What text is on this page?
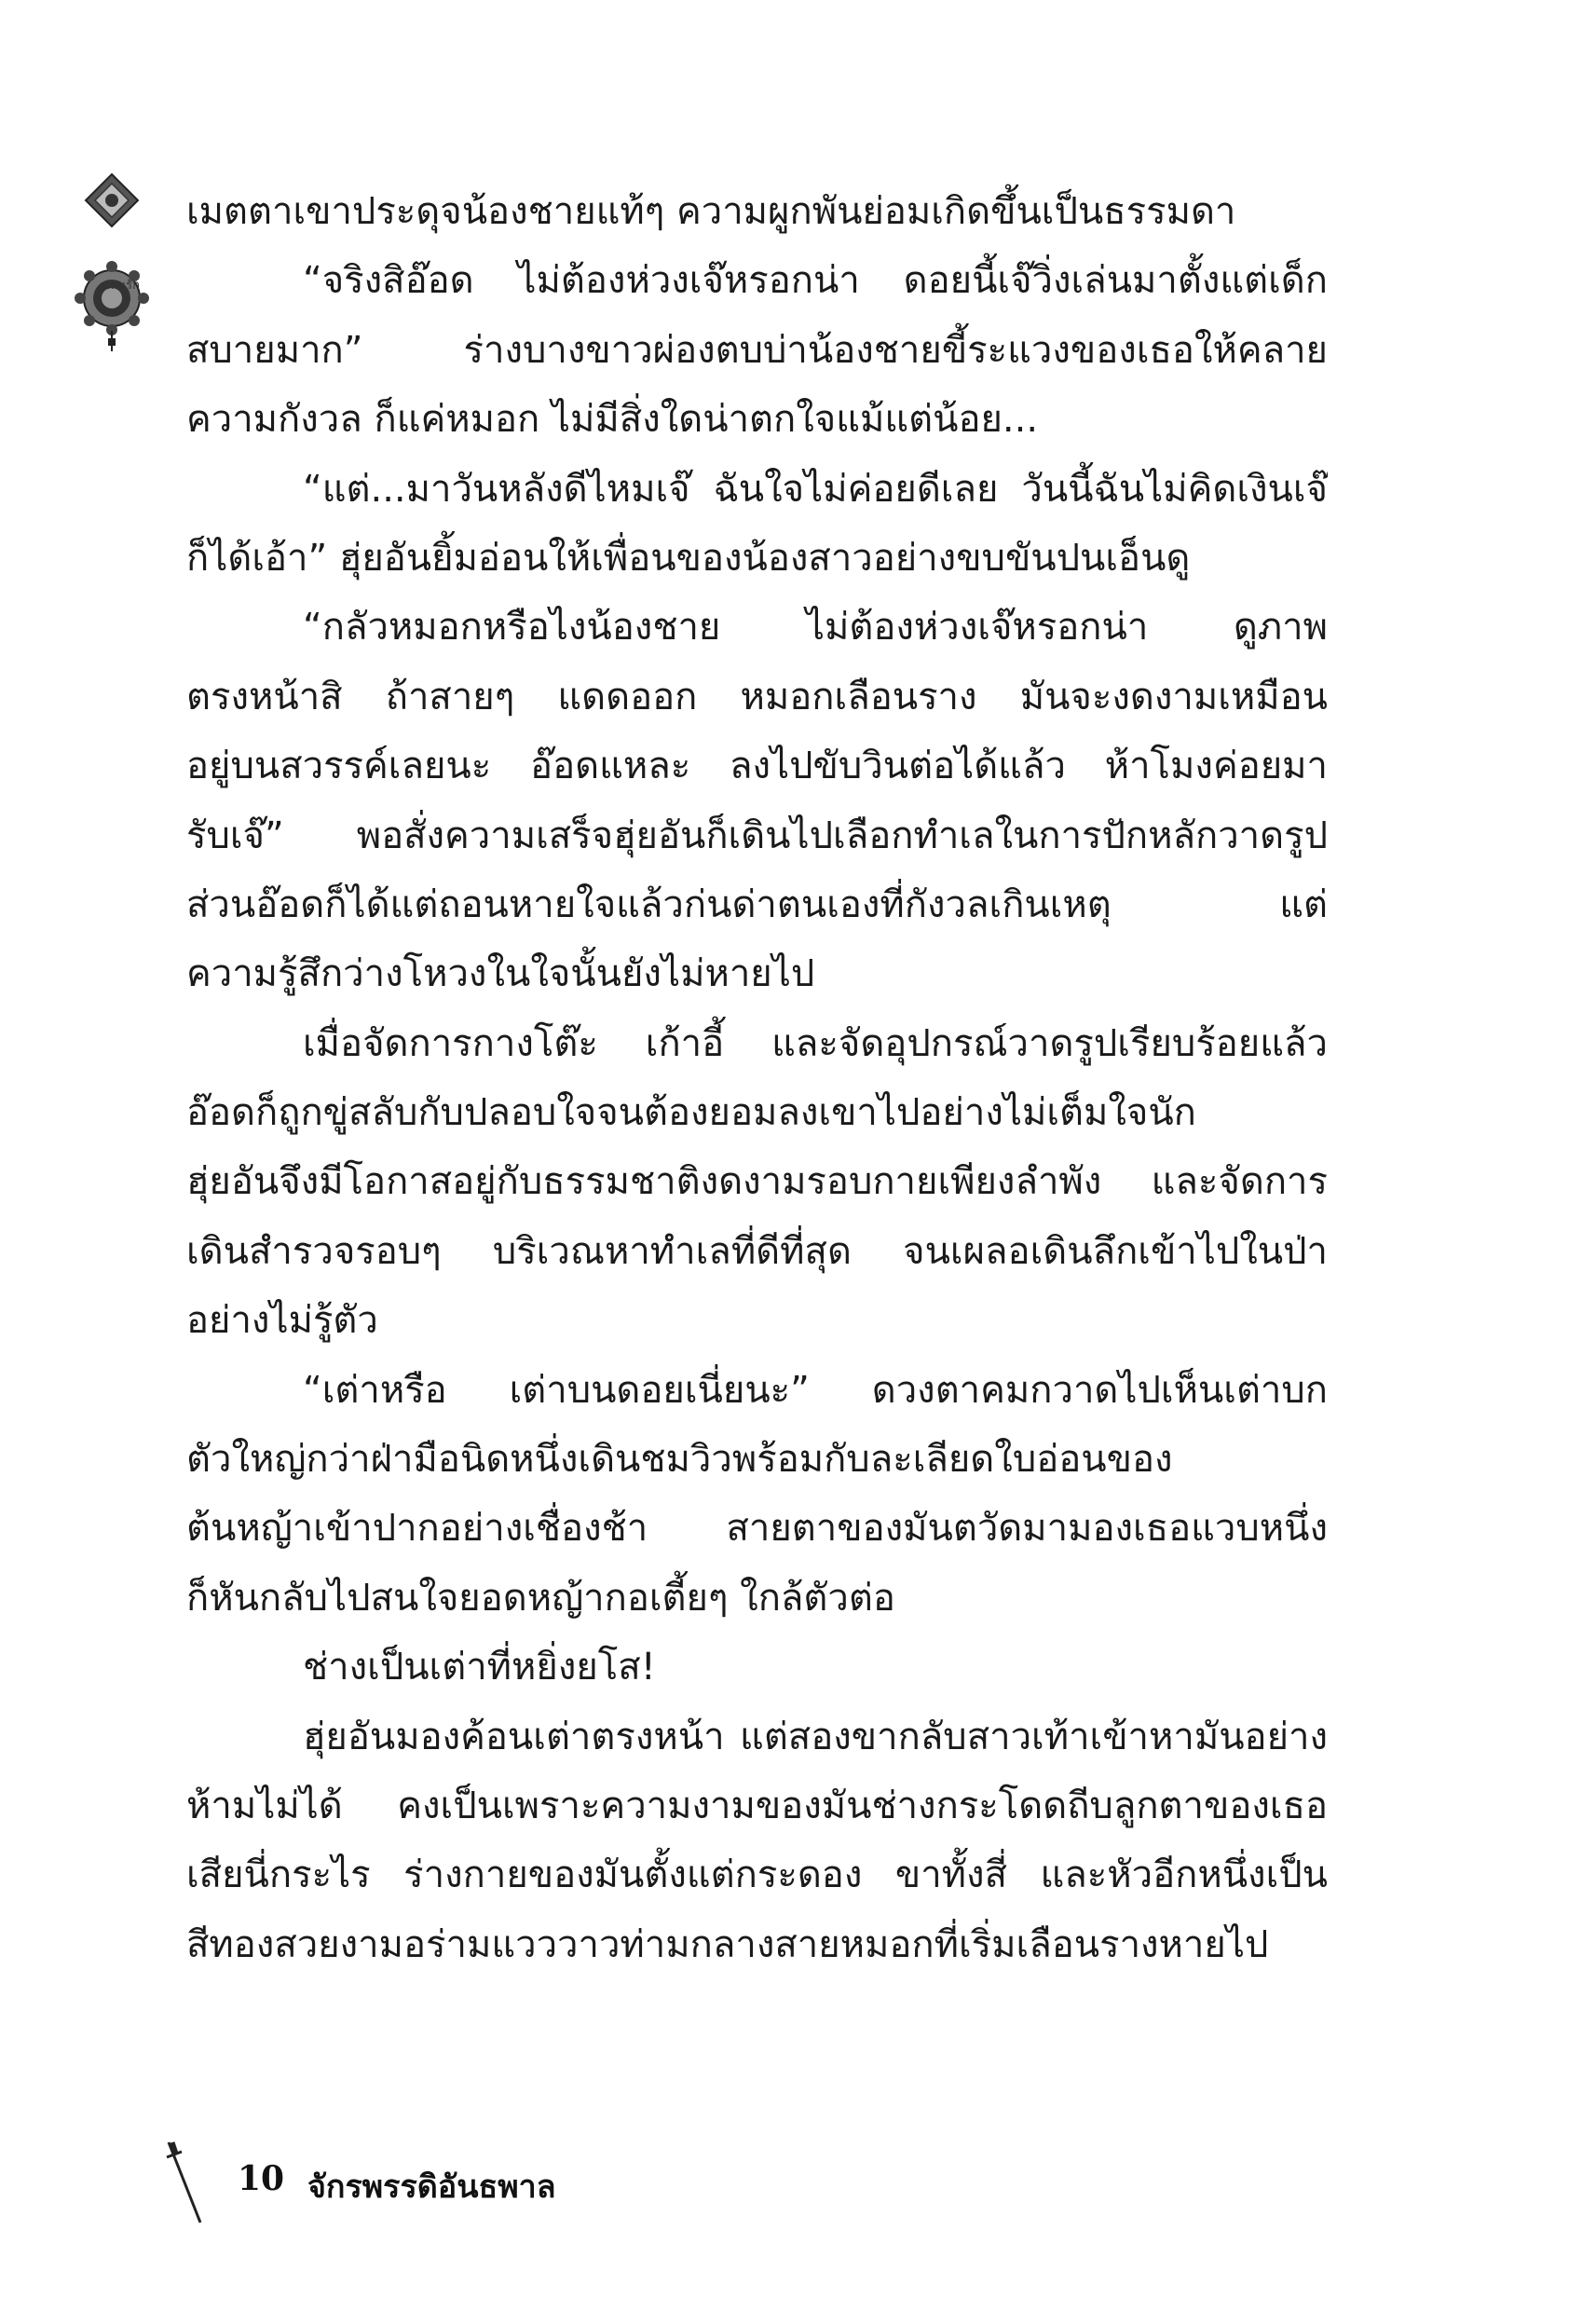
แสนรัก
เมตตาเขาประดุจน้องชายแท้ๆ ความผูกพันย่อมเกิดขึ้นเป็นธรรมดา
“จริงสิอ๊อด ไม่ต้องห่วงเจ๊หรอกน่า ดอยนี้เจ๊วิ่งเล่นมาตั้งแต่เด็ก
สบายมาก” ร่างบางขาวผ่องตบบ่าน้องชายขี้ระแวงของเธอให้คลาย
ความกังวล ก็แค่หมอก ไม่มีสิ่งใดน่าตกใจแม้แต่น้อย...
“แต่...มาวันหลังดีไหมเจ๊ ฉันใจไม่ค่อยดีเลย วันนี้ฉันไม่คิดเงินเจ๊
ก็ได้เอ้า” ฮุ่ยอันยิ้มอ่อนให้เพื่อนของน้องสาวอย่างขบขันปนเอ็นดู
“กลัวหมอกหรือไงน้องชาย ไม่ต้องห่วงเจ๊หรอกน่า ดูภาพ
ตรงหน้าสิ ถ้าสายๆ แดดออก หมอกเลือนราง มันจะงดงามเหมือน
อยู่บนสวรรค์เลยนะ อ๊อดแหละ ลงไปขับวินต่อได้แล้ว ห้าโมงค่อยมา
รับเจ๊” พอสั่งความเสร็จฮุ่ยอันก็เดินไปเลือกทำเลในการปักหลักวาดรูป
ส่วนอ๊อดก็ได้แต่ถอนหายใจแล้วก่นด่าตนเองที่กังวลเกินเหตุ แต่
ความรู้สึกว่างโหวงในใจนั้นยังไม่หายไป
เมื่อจัดการกางโต๊ะ เก้าอี้ และจัดอุปกรณ์วาดรูปเรียบร้อยแล้ว
อ๊อดก็ถูกขู่สลับกับปลอบใจจนต้องยอมลงเขาไปอย่างไม่เต็มใจนัก
ฮุ่ยอันจึงมีโอกาสอยู่กับธรรมชาติงดงามรอบกายเพียงลำพัง และจัดการ
เดินสำรวจรอบๆ บริเวณหาทำเลที่ดีที่สุด จนเผลอเดินลึกเข้าไปในป่า
อย่างไม่รู้ตัว
“เต่าหรือ เต่าบนดอยเนี่ยนะ” ดวงตาคมกวาดไปเห็นเต่าบก
ตัวใหญ่กว่าฝ่ามือนิดหนึ่งเดินชมวิวพร้อมกับละเลียดใบอ่อนของ
ต้นหญ้าเข้าปากอย่างเชื่องช้า สายตาของมันตวัดมามองเธอแวบหนึ่ง
ก็หันกลับไปสนใจยอดหญ้ากอเตี้ยๆ ใกล้ตัวต่อ
ช่างเป็นเต่าที่หยิ่งยโส!
ฮุ่ยอันมองค้อนเต่าตรงหน้า แต่สองขากลับสาวเท้าเข้าหามันอย่าง
ห้ามไม่ได้ คงเป็นเพราะความงามของมันช่างกระโดดถีบลูกตาของเธอ
เสียนี่กระไร ร่างกายของมันตั้งแต่กระดอง ขาทั้งสี่ และหัวอีกหนึ่งเป็น
สีทองสวยงามอร่ามแวววาวท่ามกลางสายหมอกที่เริ่มเลือนรางหายไป
10 จักรพรรดิอันธพาล
